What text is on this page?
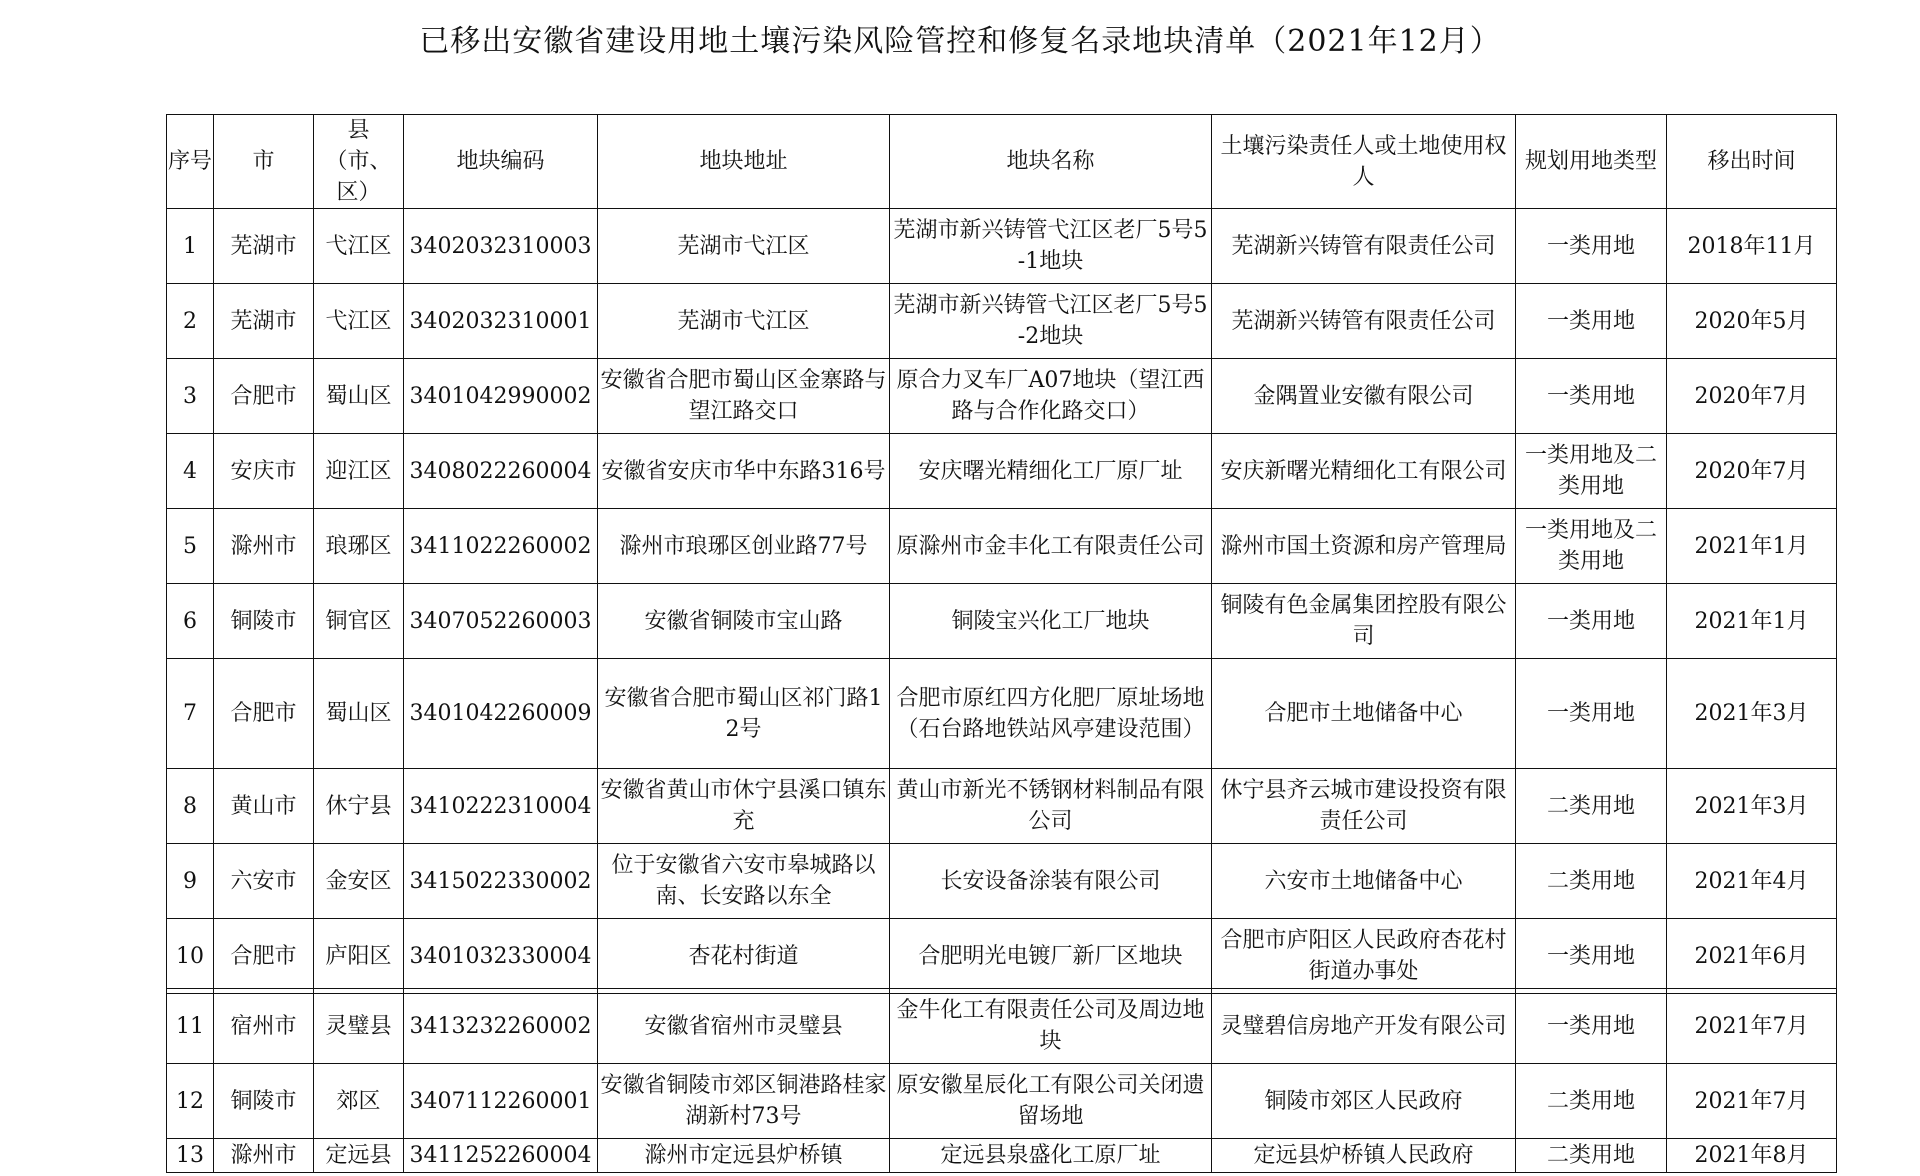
已移出安徽省建设用地土壤污染风险管控和修复名录地块清单（2021年12月）
序号	市	县（市、区）	地块编码	地块地址	地块名称	土壤污染责任人或土地使用权人	规划用地类型	移出时间
1	芜湖市	弋江区	3402032310003	芜湖市弋江区	芜湖市新兴铸管弋江区老厂5号5-1地块	芜湖新兴铸管有限责任公司	一类用地	2018年11月
2	芜湖市	弋江区	3402032310001	芜湖市弋江区	芜湖市新兴铸管弋江区老厂5号5-2地块	芜湖新兴铸管有限责任公司	一类用地	2020年5月
3	合肥市	蜀山区	3401042990002	安徽省合肥市蜀山区金寨路与望江路交口	原合力叉车厂A07地块（望江西路与合作化路交口）	金隅置业安徽有限公司	一类用地	2020年7月
4	安庆市	迎江区	3408022260004	安徽省安庆市华中东路316号	安庆曙光精细化工厂原厂址	安庆新曙光精细化工有限公司	一类用地及二类用地	2020年7月
5	滁州市	琅琊区	3411022260002	滁州市琅琊区创业路77号	原滁州市金丰化工有限责任公司	滁州市国土资源和房产管理局	一类用地及二类用地	2021年1月
6	铜陵市	铜官区	3407052260003	安徽省铜陵市宝山路	铜陵宝兴化工厂地块	铜陵有色金属集团控股有限公司	一类用地	2021年1月
7	合肥市	蜀山区	3401042260009	安徽省合肥市蜀山区祁门路12号	合肥市原红四方化肥厂原址场地（石台路地铁站风亭建设范围）	合肥市土地储备中心	一类用地	2021年3月
8	黄山市	休宁县	3410222310004	安徽省黄山市休宁县溪口镇东充	黄山市新光不锈钢材料制品有限公司	休宁县齐云城市建设投资有限责任公司	二类用地	2021年3月
9	六安市	金安区	3415022330002	位于安徽省六安市皋城路以南、长安路以东全	长安设备涂装有限公司	六安市土地储备中心	二类用地	2021年4月
10	合肥市	庐阳区	3401032330004	杏花村街道	合肥明光电镀厂新厂区地块	合肥市庐阳区人民政府杏花村街道办事处	一类用地	2021年6月
11	宿州市	灵璧县	3413232260002	安徽省宿州市灵璧县	金牛化工有限责任公司及周边地块	灵璧碧信房地产开发有限公司	一类用地	2021年7月
12	铜陵市	郊区	3407112260001	安徽省铜陵市郊区铜港路桂家湖新村73号	原安徽星辰化工有限公司关闭遗留场地	铜陵市郊区人民政府	二类用地	2021年7月
13	滁州市	定远县	3411252260004	滁州市定远县炉桥镇	定远县泉盛化工原厂址	定远县炉桥镇人民政府	二类用地	2021年8月
